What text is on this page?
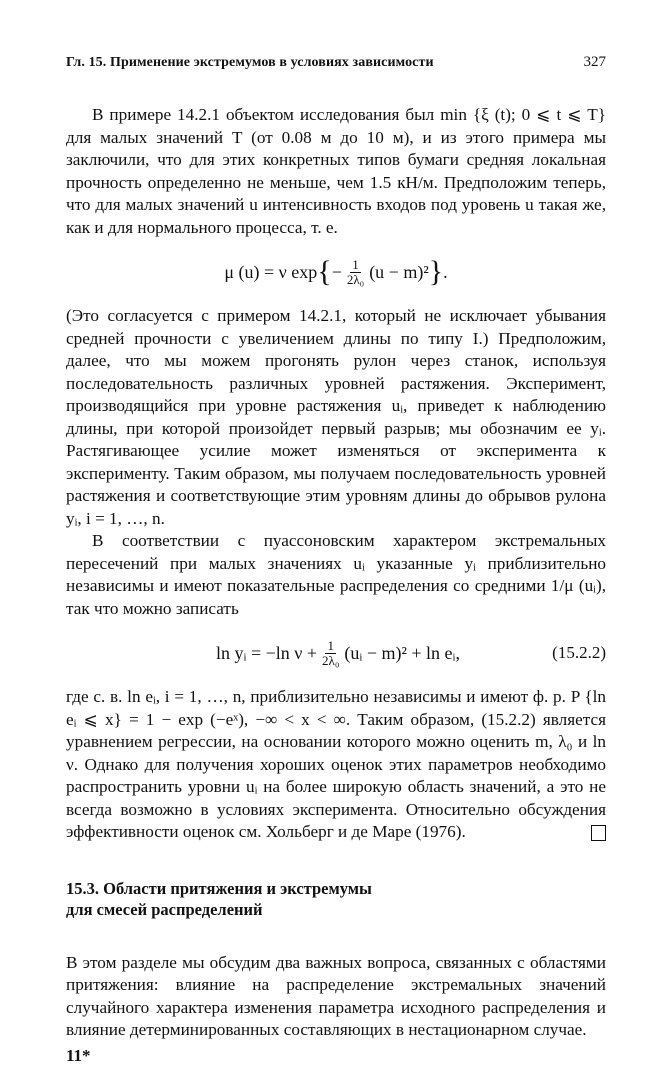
Гл. 15. Применение экстремумов в условиях зависимости	327

В примере 14.2.1 объектом исследования был min {ξ (t); 0 ⩽ t ⩽ T} для малых значений T (от 0.08 м до 10 м), и из этого примера мы заключили, что для этих конкретных типов бумаги средняя локальная прочность определенно не меньше, чем 1.5 кН/м. Предположим теперь, что для малых значений u интенсивность входов под уровень u такая же, как и для нормального процесса, т. е.

μ (u) = ν exp { − $\frac{1}{\text{2λ₀}} (u - m)^2$ } .

(Это согласуется с примером 14.2.1, который не исключает убывания средней прочности с увеличением длины по типу I.) Предположим, далее, что мы можем прогонять рулон через станок, используя последовательность различных уровней растяжения. Эксперимент, производящийся при уровне растяжения uᵢ, приведет к наблюдению длины, при которой произойдет первый разрыв; мы обозначим ее yᵢ. Растягивающее усилие может изменяться от эксперимента к эксперименту. Таким образом, мы получаем последовательность уровней растяжения и соответствующие этим уровням длины до обрывов рулона yᵢ, i = 1, …, n.

В соответствии с пуассоновским характером экстремальных пересечений при малых значениях uᵢ указанные yᵢ приблизительно независимы и имеют показательные распределения со средними 1/μ (uᵢ), так что можно записать

ln yᵢ = −ln $\nu + \frac{1}{\text{2λ₀}}$ (uᵢ − m)² + ln eᵢ,	(15.2.2)

где с. в. ln eᵢ, i = 1, …, n, приблизительно независимы и имеют ф. р. P {ln eᵢ ⩽ x} = 1 − exp (−eˣ), −∞ < x < ∞. Таким образом, (15.2.2) является уравнением регрессии, на основании которого можно оценить m, λ₀ и ln ν. Однако для получения хороших оценок этих параметров необходимо распространить уровни uᵢ на более широкую область значений, а это не всегда возможно в условиях эксперимента. Относительно обсуждения эффективности оценок см. Хольберг и де Маре (1976).

15.3. Области притяжения и экстремумы
для смесей распределений

В этом разделе мы обсудим два важных вопроса, связанных с областями притяжения: влияние на распределение экстремальных значений случайного характера изменения параметра исходного распределения и влияние детерминированных составляющих в нестационарном случае.

11*
